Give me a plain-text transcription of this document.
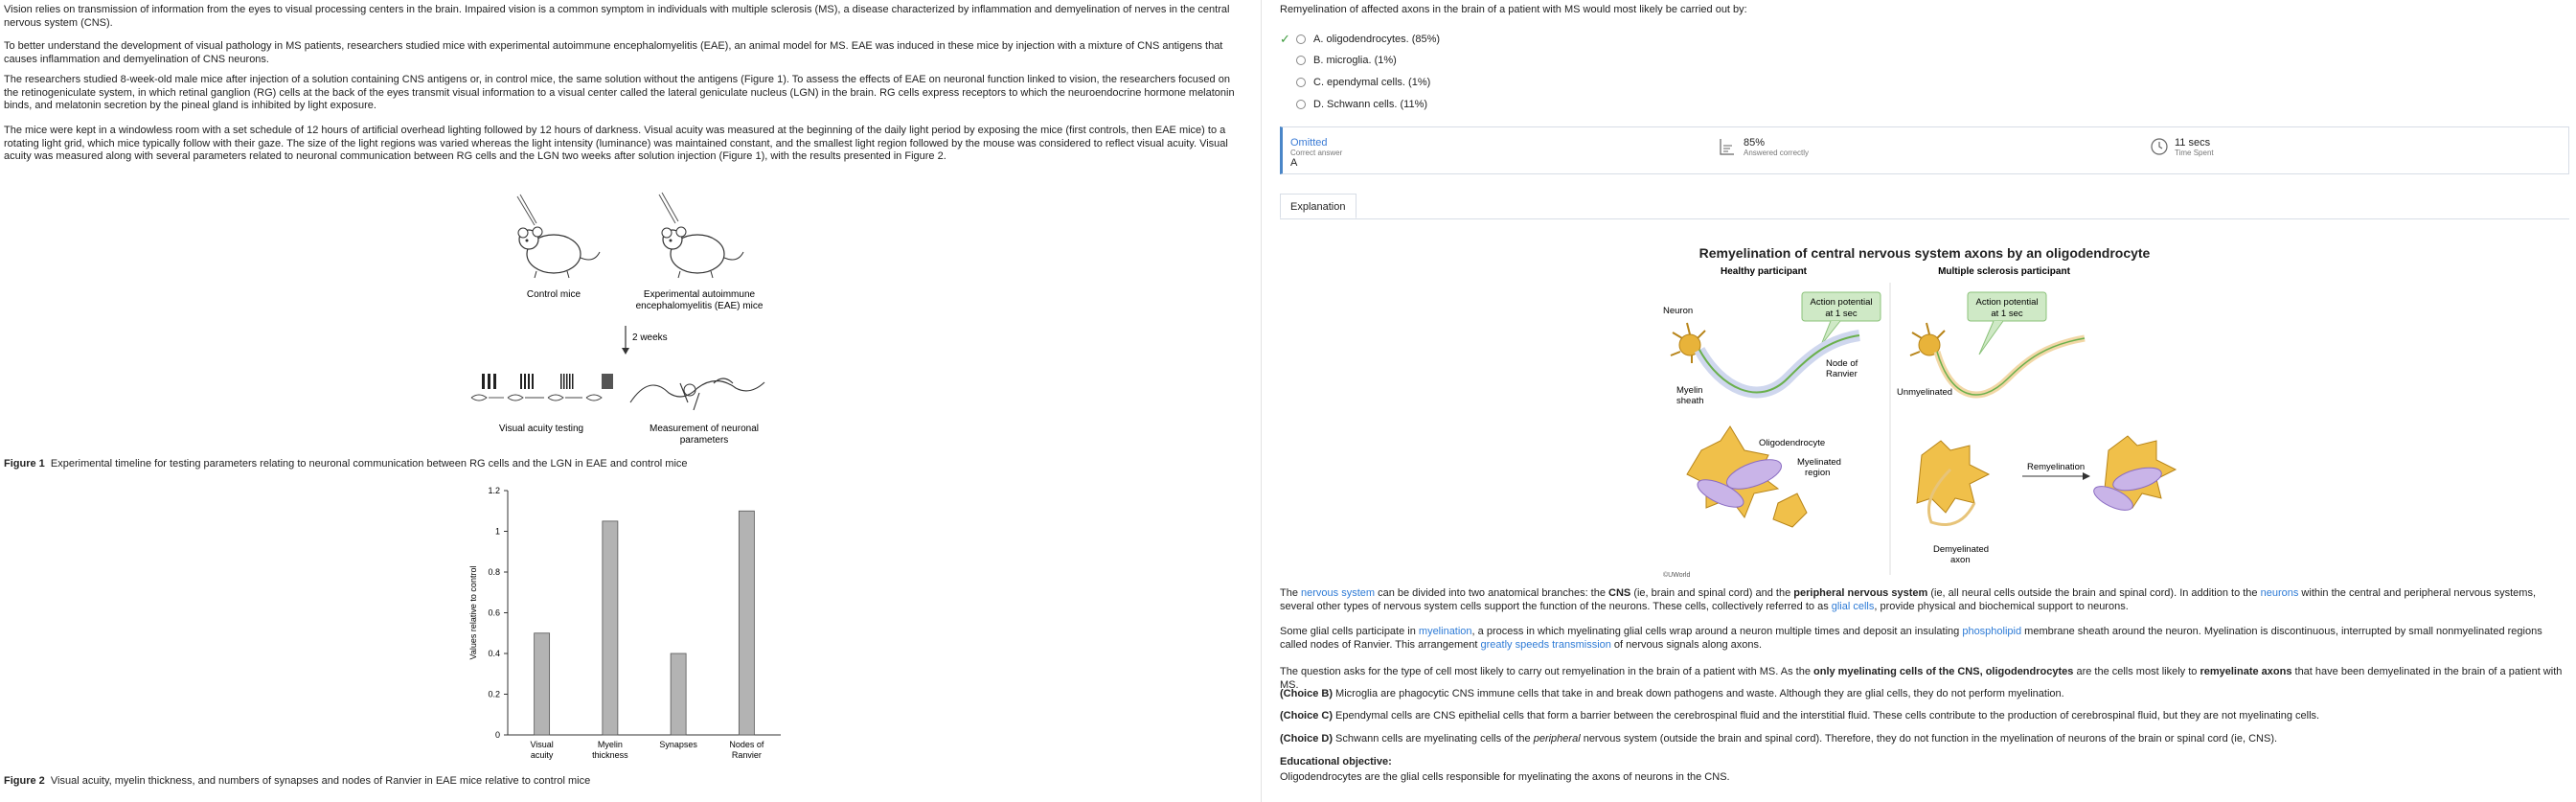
Vision relies on transmission of information from the eyes to visual processing centers in the brain. Impaired vision is a common symptom in individuals with multiple sclerosis (MS), a disease characterized by inflammation and demyelination of nerves in the central nervous system (CNS).

To better understand the development of visual pathology in MS patients, researchers studied mice with experimental autoimmune encephalomyelitis (EAE), an animal model for MS. EAE was induced in these mice by injection with a mixture of CNS antigens that causes inflammation and demyelination of CNS neurons.

The researchers studied 8-week-old male mice after injection of a solution containing CNS antigens or, in control mice, the same solution without the antigens (Figure 1). To assess the effects of EAE on neuronal function linked to vision, the researchers focused on the retinogeniculate system, in which retinal ganglion (RG) cells at the back of the eyes transmit visual information to a visual center called the lateral geniculate nucleus (LGN) in the brain. RG cells express receptors to which the neuroendocrine hormone melatonin binds, and melatonin secretion by the pineal gland is inhibited by light exposure.

The mice were kept in a windowless room with a set schedule of 12 hours of artificial overhead lighting followed by 12 hours of darkness. Visual acuity was measured at the beginning of the daily light period by exposing the mice (first controls, then EAE mice) to a rotating light grid, which mice typically follow with their gaze. The size of the light regions was varied whereas the light intensity (luminance) was maintained constant, and the smallest light region followed by the mouse was considered to reflect visual acuity. Visual acuity was measured along with several parameters related to neuronal communication between RG cells and the LGN two weeks after solution injection (Figure 1), with the results presented in Figure 2.

Control mice	Experimental autoimmune
encephalomyelitis (EAE) mice
2 weeks
Visual acuity testing	Measurement of neuronal
parameters
Figure 1 Experimental timeline for testing parameters relating to neuronal communication between RG cells and the LGN in EAE and control mice
0
0.2
0.4
0.6
0.8
1
1.2
Values relative to control
Visual
acuity
Myelin
thickness
Synapses	Nodes of
Ranvier
Figure 2 Visual acuity, myelin thickness, and numbers of synapses and nodes of Ranvier in EAE mice relative to control mice

Remyelination of affected axons in the brain of a patient with MS would most likely be carried out by:

✓ A. oligodendrocytes. (85%)
B. microglia. (1%)
C. ependymal cells. (1%)
D. Schwann cells. (11%)
Omitted
Correct answer
A
85%
Answered correctly
11 secs
Time Spent
Explanation
Remyelination of central nervous system axons by an oligodendrocyte
Healthy participant	Multiple sclerosis participant
Action potential
at 1 sec
Neuron
Node of
Ranvier
Myelin
sheath
Action potential
at 1 sec
Unmyelinated
Oligodendrocyte
Myelinated
region
Remyelination
Demyelinated
axon
©UWorld

The nervous system can be divided into two anatomical branches: the CNS (ie, brain and spinal cord) and the peripheral nervous system (ie, all neural cells outside the brain and spinal cord). In addition to the neurons within the central and peripheral nervous systems, several other types of nervous system cells support the function of the neurons. These cells, collectively referred to as glial cells, provide physical and biochemical support to neurons.

Some glial cells participate in myelination, a process in which myelinating glial cells wrap around a neuron multiple times and deposit an insulating phospholipid membrane sheath around the neuron. Myelination is discontinuous, interrupted by small nonmyelinated regions called nodes of Ranvier. This arrangement greatly speeds transmission of nervous signals along axons.

The question asks for the type of cell most likely to carry out remyelination in the brain of a patient with MS. As the only myelinating cells of the CNS, oligodendrocytes are the cells most likely to remyelinate axons that have been demyelinated in the brain of a patient with MS.

(Choice B) Microglia are phagocytic CNS immune cells that take in and break down pathogens and waste. Although they are glial cells, they do not perform myelination.

(Choice C) Ependymal cells are CNS epithelial cells that form a barrier between the cerebrospinal fluid and the interstitial fluid. These cells contribute to the production of cerebrospinal fluid, but they are not myelinating cells.

(Choice D) Schwann cells are myelinating cells of the peripheral nervous system (outside the brain and spinal cord). Therefore, they do not function in the myelination of neurons of the brain or spinal cord (ie, CNS).

Educational objective:

Oligodendrocytes are the glial cells responsible for myelinating the axons of neurons in the CNS.
